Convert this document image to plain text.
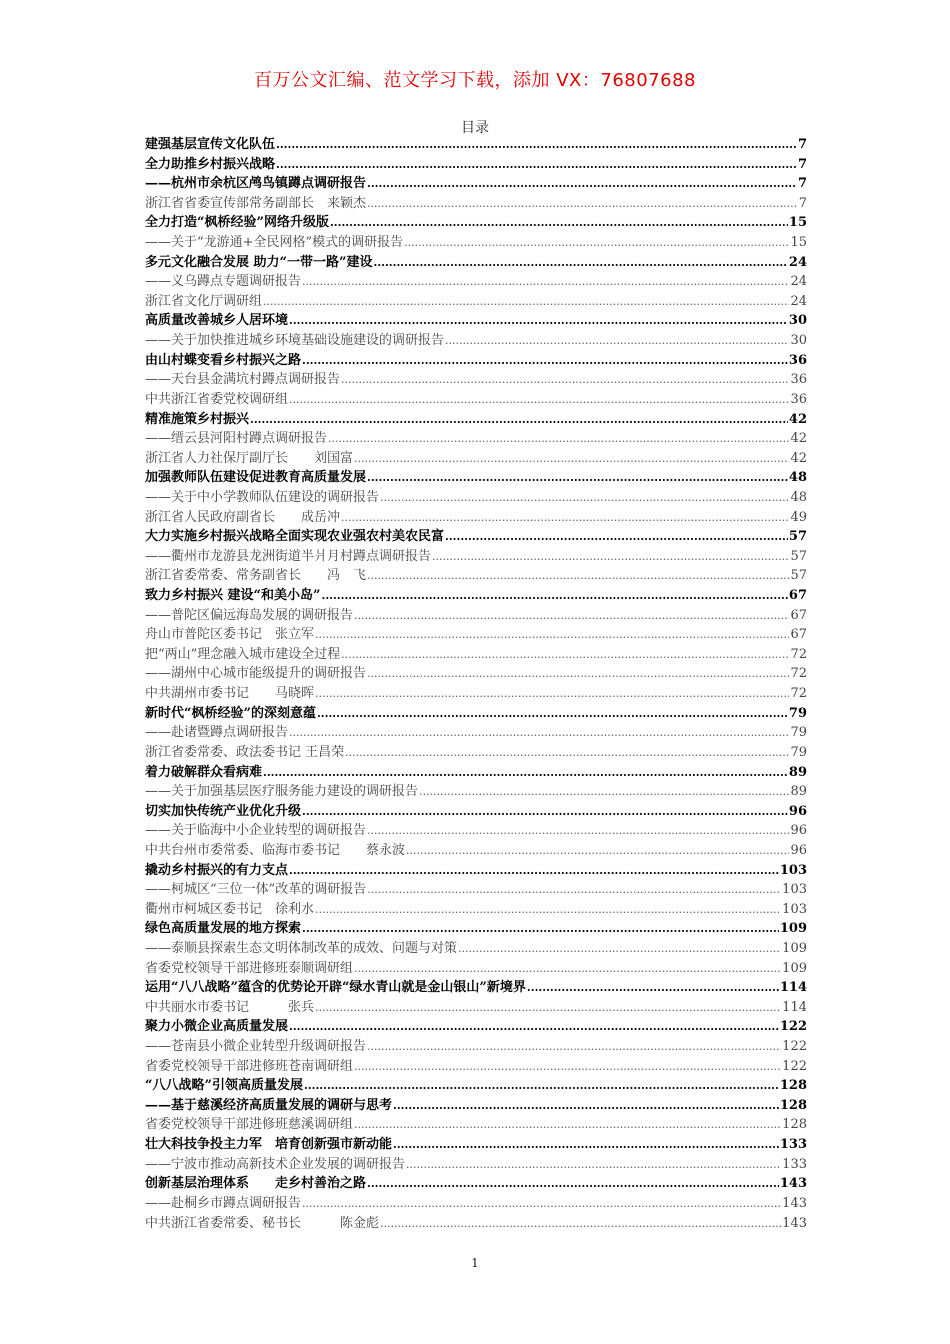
百万公文汇编、范文学习下载，添加 VX：76807688
目录
建强基层宣传文化队伍 .....	7
全力助推乡村振兴战略 .....	7
——杭州市余杭区鸬鸟镇蹲点调研报告 .....	7
浙江省省委宣传部常务副部长　来颖杰 .....	7
全力打造“枫桥经验”网络升级版 .....	15
——关于“龙游通+全民网格”模式的调研报告 .....	15
多元文化融合发展 助力“一带一路”建设 .....	24
——义乌蹲点专题调研报告 .....	24
浙江省文化厅调研组 .....	24
高质量改善城乡人居环境 .....	30
——关于加快推进城乡环境基础设施建设的调研报告 .....	30
由山村蝶变看乡村振兴之路 .....	36
——天台县金满坑村蹲点调研报告 .....	36
中共浙江省委党校调研组 .....	36
精准施策乡村振兴 .....	42
——缙云县河阳村蹲点调研报告 .....	42
浙江省人力社保厅副厅长　　刘国富 .....	42
加强教师队伍建设促进教育高质量发展 .....	48
——关于中小学教师队伍建设的调研报告 .....	48
浙江省人民政府副省长　　成岳冲 .....	49
大力实施乡村振兴战略全面实现农业强农村美农民富 .....	57
——衢州市龙游县龙洲街道半爿月村蹲点调研报告 .....	57
浙江省委常委、常务副省长　　冯　飞 .....	57
致力乡村振兴 建设“和美小岛” .....	67
——普陀区偏远海岛发展的调研报告 .....	67
舟山市普陀区委书记　张立军 .....	67
把“两山”理念融入城市建设全过程 .....	72
——湖州中心城市能级提升的调研报告 .....	72
中共湖州市委书记　　马晓晖 .....	72
新时代“枫桥经验”的深刻意蕴 .....	79
——赴诸暨蹲点调研报告 .....	79
浙江省委常委、政法委书记 王昌荣 .....	79
着力破解群众看病难 .....	89
——关于加强基层医疗服务能力建设的调研报告 .....	89
切实加快传统产业优化升级 .....	96
——关于临海中小企业转型的调研报告 .....	96
中共台州市委常委、临海市委书记　　蔡永波 .....	96
撬动乡村振兴的有力支点 .....	103
——柯城区“三位一体”改革的调研报告 .....	103
衢州市柯城区委书记　徐利水 .....	103
绿色高质量发展的地方探索 .....	109
——泰顺县探索生态文明体制改革的成效、问题与对策 .....	109
省委党校领导干部进修班泰顺调研组 .....	109
运用“八八战略”蕴含的优势论开辟“绿水青山就是金山银山”新境界 .....	114
中共丽水市委书记　　　张兵 .....	114
聚力小微企业高质量发展 .....	122
——苍南县小微企业转型升级调研报告 .....	122
省委党校领导干部进修班苍南调研组 .....	122
“八八战略”引领高质量发展 .....	128
——基于慈溪经济高质量发展的调研与思考 .....	128
省委党校领导干部进修班慈溪调研组 .....	128
壮大科技争投主力军　培育创新强市新动能 .....	133
——宁波市推动高新技术企业发展的调研报告 .....	133
创新基层治理体系　　走乡村善治之路 .....	143
——赴桐乡市蹲点调研报告 .....	143
中共浙江省委常委、秘书长　　　陈金彪 .....	143
1
